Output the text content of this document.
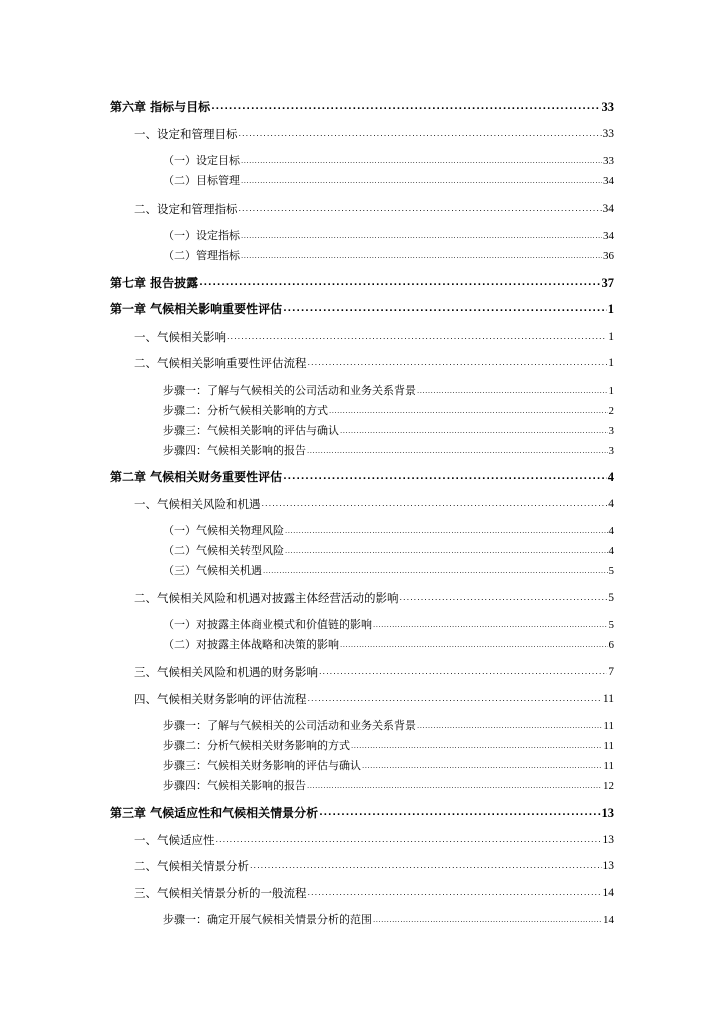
第六章 指标与目标 .....	33
一、设定和管理目标 .....	33
（一）设定目标 .....	33
（二）目标管理 .....	34
二、设定和管理指标 .....	34
（一）设定指标 .....	34
（二）管理指标 .....	36
第七章 报告披露 .....	37
第一章 气候相关影响重要性评估 .....	1
一、气候相关影响 .....	1
二、气候相关影响重要性评估流程 .....	1
步骤一：了解与气候相关的公司活动和业务关系背景 .....	1
步骤二：分析气候相关影响的方式 .....	2
步骤三：气候相关影响的评估与确认 .....	3
步骤四：气候相关影响的报告 .....	3
第二章 气候相关财务重要性评估 .....	4
一、气候相关风险和机遇 .....	4
（一）气候相关物理风险 .....	4
（二）气候相关转型风险 .....	4
（三）气候相关机遇 .....	5
二、气候相关风险和机遇对披露主体经营活动的影响 .....	5
（一）对披露主体商业模式和价值链的影响 .....	5
（二）对披露主体战略和决策的影响 .....	6
三、气候相关风险和机遇的财务影响 .....	7
四、气候相关财务影响的评估流程 .....	11
步骤一：了解与气候相关的公司活动和业务关系背景 .....	11
步骤二：分析气候相关财务影响的方式 .....	11
步骤三：气候相关财务影响的评估与确认 .....	11
步骤四：气候相关影响的报告 .....	12
第三章 气候适应性和气候相关情景分析 .....	13
一、气候适应性 .....	13
二、气候相关情景分析 .....	13
三、气候相关情景分析的一般流程 .....	14
步骤一：确定开展气候相关情景分析的范围 .....	14
